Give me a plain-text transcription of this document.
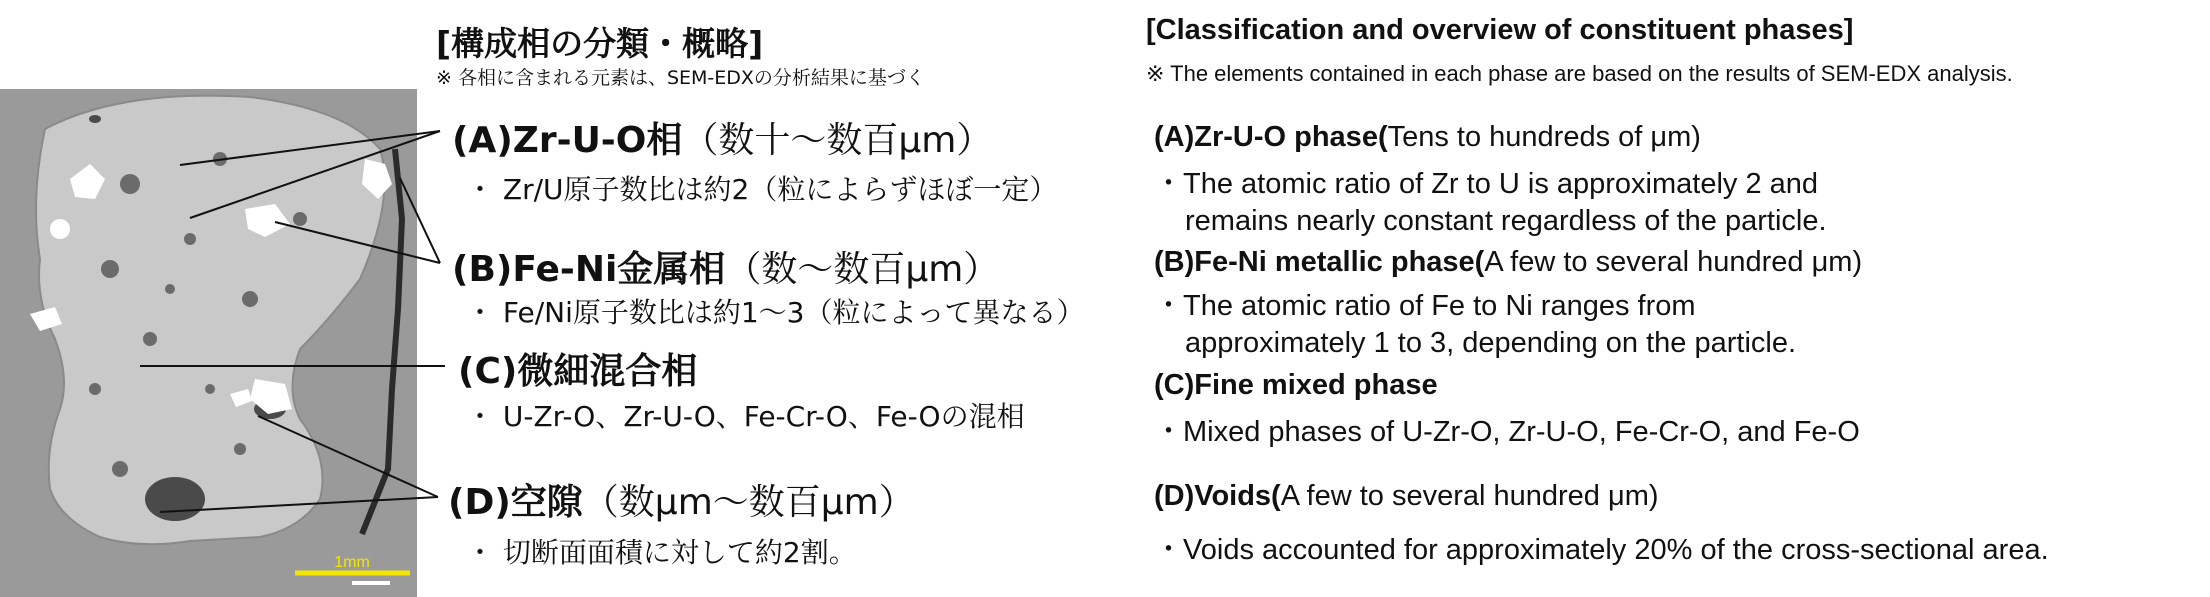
1mm
[構成相の分類・概略]
※ 各相に含まれる元素は、SEM-EDXの分析結果に基づく
(A)Zr-U-O相（数十～数百μm）
・ Zr/U原子数比は約2（粒によらずほぼ一定）
(B)Fe-Ni金属相（数～数百μm）
・ Fe/Ni原子数比は約1～3（粒によって異なる）
(C)微細混合相
・ U-Zr-O、Zr-U-O、Fe-Cr-O、Fe-Oの混相
(D)空隙（数μm～数百μm）
・ 切断面面積に対して約2割。
[Classification and overview of constituent phases]
※ The elements contained in each phase are based on the results of SEM-EDX analysis.
(A)Zr-U-O phase(Tens to hundreds of μm)
・The atomic ratio of Zr to U is approximately 2 and
remains nearly constant regardless of the particle.
(B)Fe-Ni metallic phase(A few to several hundred μm)
・The atomic ratio of Fe to Ni ranges from
approximately 1 to 3, depending on the particle.
(C)Fine mixed phase
・Mixed phases of U-Zr-O, Zr-U-O, Fe-Cr-O, and Fe-O
(D)Voids(A few to several hundred μm)
・Voids accounted for approximately 20% of the cross-sectional area.
